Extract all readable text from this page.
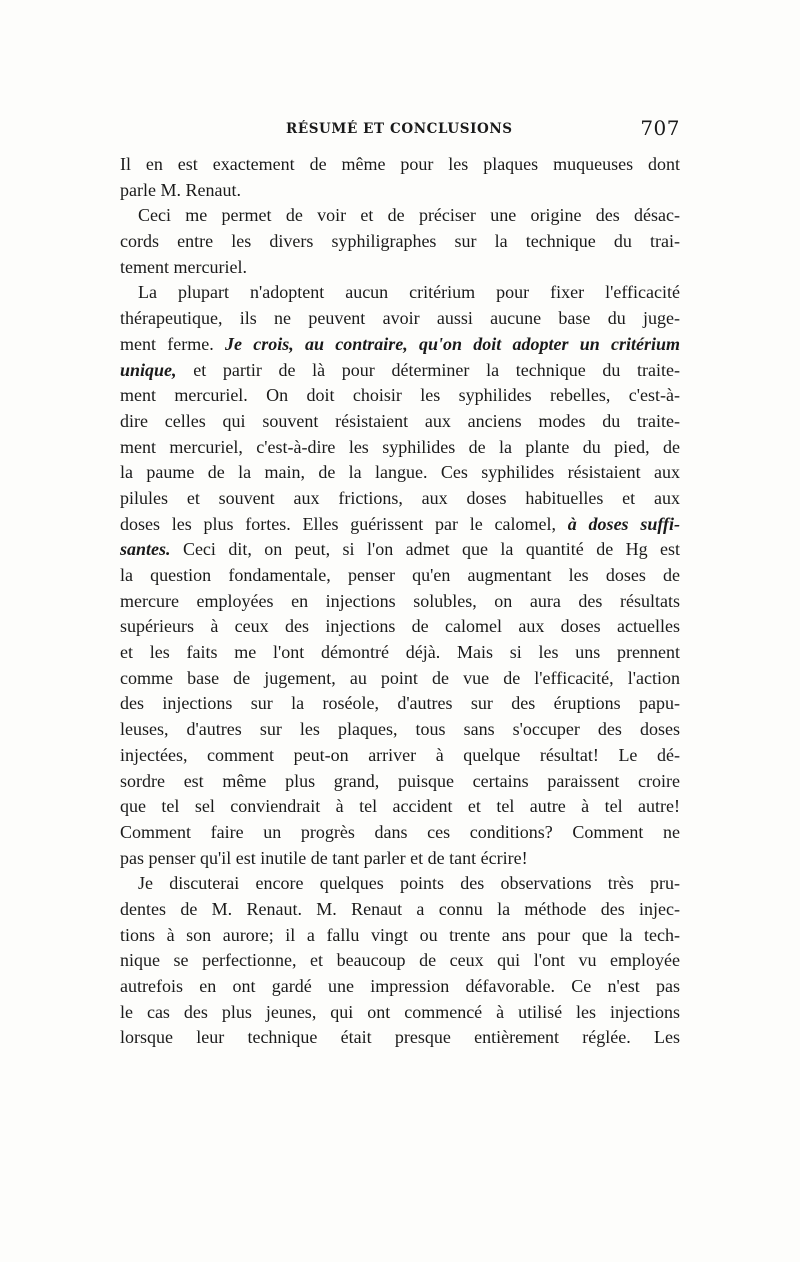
RÉSUMÉ ET CONCLUSIONS	707
Il en est exactement de même pour les plaques muqueuses dont
parle M. Renaut.
Ceci me permet de voir et de préciser une origine des désac-
cords entre les divers syphiligraphes sur la technique du trai-
tement mercuriel.
La plupart n'adoptent aucun critérium pour fixer l'efficacité
thérapeutique, ils ne peuvent avoir aussi aucune base du juge-
ment ferme. Je crois, au contraire, qu'on doit adopter un critérium
unique, et partir de là pour déterminer la technique du traite-
ment mercuriel. On doit choisir les syphilides rebelles, c'est-à-
dire celles qui souvent résistaient aux anciens modes du traite-
ment mercuriel, c'est-à-dire les syphilides de la plante du pied, de
la paume de la main, de la langue. Ces syphilides résistaient aux
pilules et souvent aux frictions, aux doses habituelles et aux
doses les plus fortes. Elles guérissent par le calomel, à doses suffi-
santes. Ceci dit, on peut, si l'on admet que la quantité de Hg est
la question fondamentale, penser qu'en augmentant les doses de
mercure employées en injections solubles, on aura des résultats
supérieurs à ceux des injections de calomel aux doses actuelles
et les faits me l'ont démontré déjà. Mais si les uns prennent
comme base de jugement, au point de vue de l'efficacité, l'action
des injections sur la roséole, d'autres sur des éruptions papu-
leuses, d'autres sur les plaques, tous sans s'occuper des doses
injectées, comment peut-on arriver à quelque résultat! Le dé-
sordre est même plus grand, puisque certains paraissent croire
que tel sel conviendrait à tel accident et tel autre à tel autre!
Comment faire un progrès dans ces conditions? Comment ne
pas penser qu'il est inutile de tant parler et de tant écrire!
Je discuterai encore quelques points des observations très pru-
dentes de M. Renaut. M. Renaut a connu la méthode des injec-
tions à son aurore; il a fallu vingt ou trente ans pour que la tech-
nique se perfectionne, et beaucoup de ceux qui l'ont vu employée
autrefois en ont gardé une impression défavorable. Ce n'est pas
le cas des plus jeunes, qui ont commencé à utilisé les injections
lorsque leur technique était presque entièrement réglée. Les
